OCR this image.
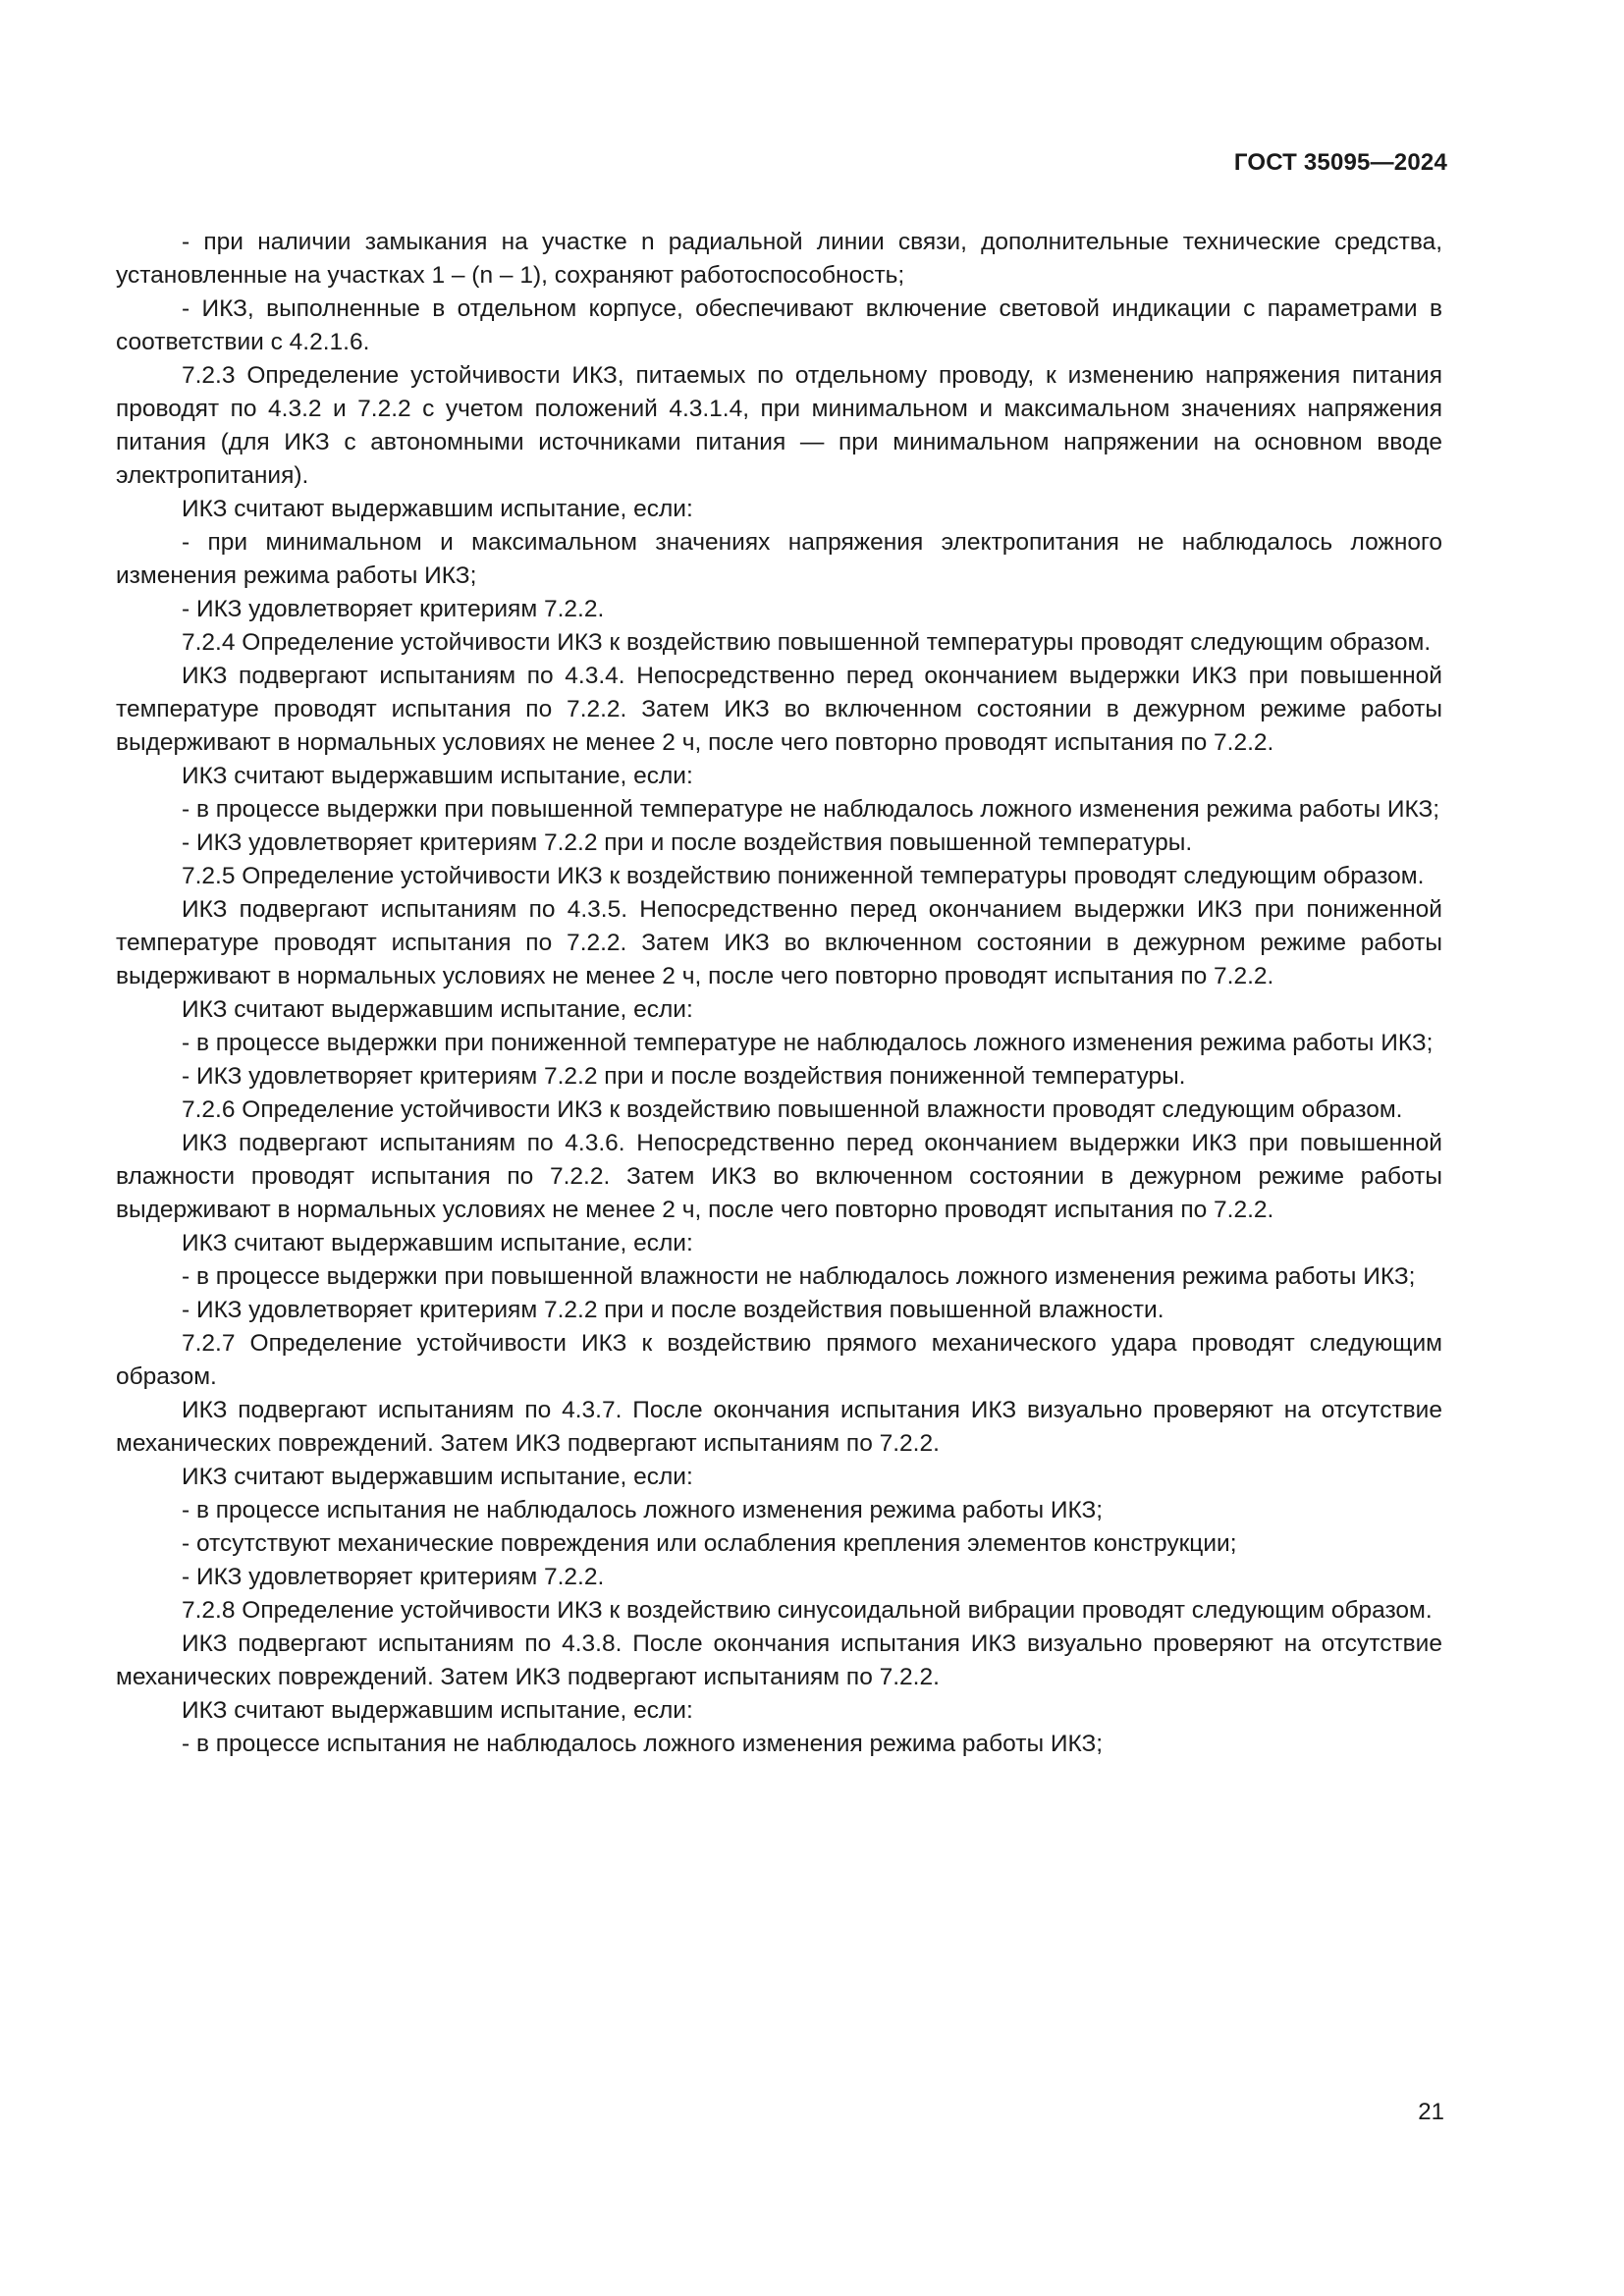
ГОСТ 35095—2024

- при наличии замыкания на участке n радиальной линии связи, дополнительные технические средства, установленные на участках 1 – (n – 1), сохраняют работоспособность;

- ИКЗ, выполненные в отдельном корпусе, обеспечивают включение световой индикации с параметрами в соответствии с 4.2.1.6.

7.2.3 Определение устойчивости ИКЗ, питаемых по отдельному проводу, к изменению напряжения питания проводят по 4.3.2 и 7.2.2 с учетом положений 4.3.1.4, при минимальном и максимальном значениях напряжения питания (для ИКЗ с автономными источниками питания — при минимальном напряжении на основном вводе электропитания).

ИКЗ считают выдержавшим испытание, если:

- при минимальном и максимальном значениях напряжения электропитания не наблюдалось ложного изменения режима работы ИКЗ;

- ИКЗ удовлетворяет критериям 7.2.2.

7.2.4 Определение устойчивости ИКЗ к воздействию повышенной температуры проводят следующим образом.

ИКЗ подвергают испытаниям по 4.3.4. Непосредственно перед окончанием выдержки ИКЗ при повышенной температуре проводят испытания по 7.2.2. Затем ИКЗ во включенном состоянии в дежурном режиме работы выдерживают в нормальных условиях не менее 2 ч, после чего повторно проводят испытания по 7.2.2.

ИКЗ считают выдержавшим испытание, если:

- в процессе выдержки при повышенной температуре не наблюдалось ложного изменения режима работы ИКЗ;

- ИКЗ удовлетворяет критериям 7.2.2 при и после воздействия повышенной температуры.

7.2.5 Определение устойчивости ИКЗ к воздействию пониженной температуры проводят следующим образом.

ИКЗ подвергают испытаниям по 4.3.5. Непосредственно перед окончанием выдержки ИКЗ при пониженной температуре проводят испытания по 7.2.2. Затем ИКЗ во включенном состоянии в дежурном режиме работы выдерживают в нормальных условиях не менее 2 ч, после чего повторно проводят испытания по 7.2.2.

ИКЗ считают выдержавшим испытание, если:

- в процессе выдержки при пониженной температуре не наблюдалось ложного изменения режима работы ИКЗ;

- ИКЗ удовлетворяет критериям 7.2.2 при и после воздействия пониженной температуры.

7.2.6 Определение устойчивости ИКЗ к воздействию повышенной влажности проводят следующим образом.

ИКЗ подвергают испытаниям по 4.3.6. Непосредственно перед окончанием выдержки ИКЗ при повышенной влажности проводят испытания по 7.2.2. Затем ИКЗ во включенном состоянии в дежурном режиме работы выдерживают в нормальных условиях не менее 2 ч, после чего повторно проводят испытания по 7.2.2.

ИКЗ считают выдержавшим испытание, если:

- в процессе выдержки при повышенной влажности не наблюдалось ложного изменения режима работы ИКЗ;

- ИКЗ удовлетворяет критериям 7.2.2 при и после воздействия повышенной влажности.

7.2.7 Определение устойчивости ИКЗ к воздействию прямого механического удара проводят следующим образом.

ИКЗ подвергают испытаниям по 4.3.7. После окончания испытания ИКЗ визуально проверяют на отсутствие механических повреждений. Затем ИКЗ подвергают испытаниям по 7.2.2.

ИКЗ считают выдержавшим испытание, если:

- в процессе испытания не наблюдалось ложного изменения режима работы ИКЗ;

- отсутствуют механические повреждения или ослабления крепления элементов конструкции;

- ИКЗ удовлетворяет критериям 7.2.2.

7.2.8 Определение устойчивости ИКЗ к воздействию синусоидальной вибрации проводят следующим образом.

ИКЗ подвергают испытаниям по 4.3.8. После окончания испытания ИКЗ визуально проверяют на отсутствие механических повреждений. Затем ИКЗ подвергают испытаниям по 7.2.2.

ИКЗ считают выдержавшим испытание, если:

- в процессе испытания не наблюдалось ложного изменения режима работы ИКЗ;

21
